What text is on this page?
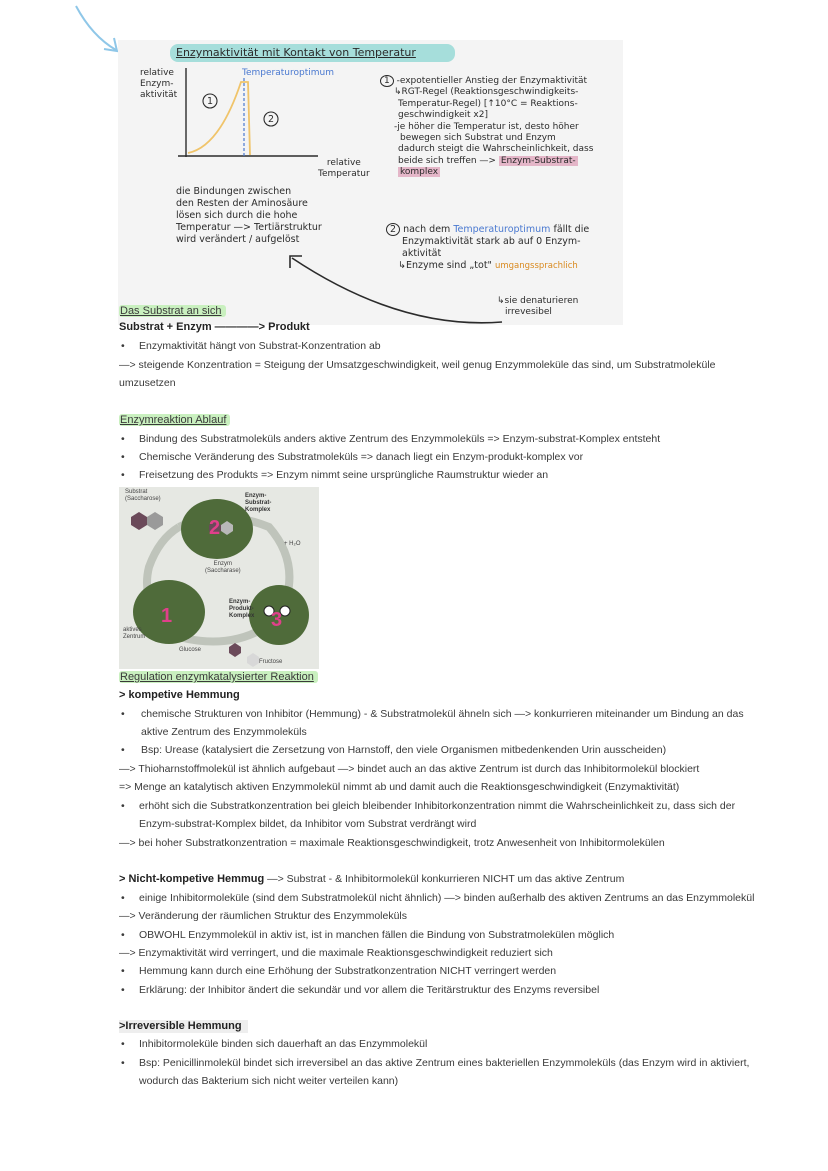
Enzymaktivität mit Kontakt von Temperatur
1
2
Temperaturoptimum
relative
Enzym-
aktivität
relative
Temperatur
1 -expotentieller Anstieg der Enzymaktivität
↳RGT-Regel (Reaktionsgeschwindigkeits-
Temperatur-Regel) [↑10°C = Reaktions-
geschwindigkeit x2]
-je höher die Temperatur ist, desto höher
bewegen sich Substrat und Enzym
dadurch steigt die Wahrscheinlichkeit, dass
beide sich treffen —> Enzym-Substrat-
komplex
die Bindungen zwischen
den Resten der Aminosäure
lösen sich durch die hohe
Temperatur —> Tertiärstruktur
wird verändert / aufgelöst
2 nach dem Temperaturoptimum fällt die
Enzymaktivität stark ab auf 0 Enzym-
aktivität
↳Enzyme sind „tot" umgangssprachlich
↳sie denaturieren
irrevesibel
Das Substrat an sich
Substrat + Enzym ————> Produkt
• Enzymaktivität hängt von Substrat-Konzentration ab
—> steigende Konzentration = Steigung der Umsatzgeschwindigkeit, weil genug Enzymmoleküle das sind, um Substratmoleküle
umzusetzen
Enzymreaktion Ablauf
• Bindung des Substratmoleküls anders aktive Zentrum des Enzymmoleküls => Enzym-substrat-Komplex entsteht
• Chemische Veränderung des Substratmoleküls => danach liegt ein Enzym-produkt-komplex vor
• Freisetzung des Produkts => Enzym nimmt seine ursprüngliche Raumstruktur wieder an
Substrat
(Saccharose)	Enzym-
Substrat-
Komplex
Enzym
(Saccharase)
+ H₂O
Enzym-
Produkt-
Komplex
aktives
Zentrum
Glucose
Fructose
2
1	3
Regulation enzymkatalysierter Reaktion
> kompetive Hemmung
• chemische Strukturen von Inhibitor (Hemmung) - & Substratmolekül ähneln sich —> konkurrieren miteinander um Bindung an das
aktive Zentrum des Enzymmoleküls
• Bsp: Urease (katalysiert die Zersetzung von Harnstoff, den viele Organismen mitbedenkenden Urin ausscheiden)
—> Thioharnstoffmolekül ist ähnlich aufgebaut —> bindet auch an das aktive Zentrum ist durch das Inhibitormolekül blockiert
=> Menge an katalytisch aktiven Enzymmolekül nimmt ab und damit auch die Reaktionsgeschwindigkeit (Enzymaktivität)
• erhöht sich die Substratkonzentration bei gleich bleibender Inhibitorkonzentration nimmt die Wahrscheinlichkeit zu, dass sich der
Enzym-substrat-Komplex bildet, da Inhibitor vom Substrat verdrängt wird
—> bei hoher Substratkonzentration = maximale Reaktionsgeschwindigkeit, trotz Anwesenheit von Inhibitormolekülen
> Nicht-kompetive Hemmug —> Substrat - & Inhibitormolekül konkurrieren NICHT um das aktive Zentrum
• einige Inhibitormoleküle (sind dem Substratmolekül nicht ähnlich) —> binden außerhalb des aktiven Zentrums an das Enzymmolekül
—> Veränderung der räumlichen Struktur des Enzymmoleküls
• OBWOHL Enzymmolekül in aktiv ist, ist in manchen fällen die Bindung von Substratmolekülen möglich
—> Enzymaktivität wird verringert, und die maximale Reaktionsgeschwindigkeit reduziert sich
• Hemmung kann durch eine Erhöhung der Substratkonzentration NICHT verringert werden
• Erklärung: der Inhibitor ändert die sekundär und vor allem die Teritärstruktur des Enzyms reversibel
>Irreversible Hemmung
• Inhibitormoleküle binden sich dauerhaft an das Enzymmolekül
• Bsp: Penicillinmolekül bindet sich irreversibel an das aktive Zentrum eines bakteriellen Enzymmoleküls (das Enzym wird in aktiviert,
wodurch das Bakterium sich nicht weiter verteilen kann)
